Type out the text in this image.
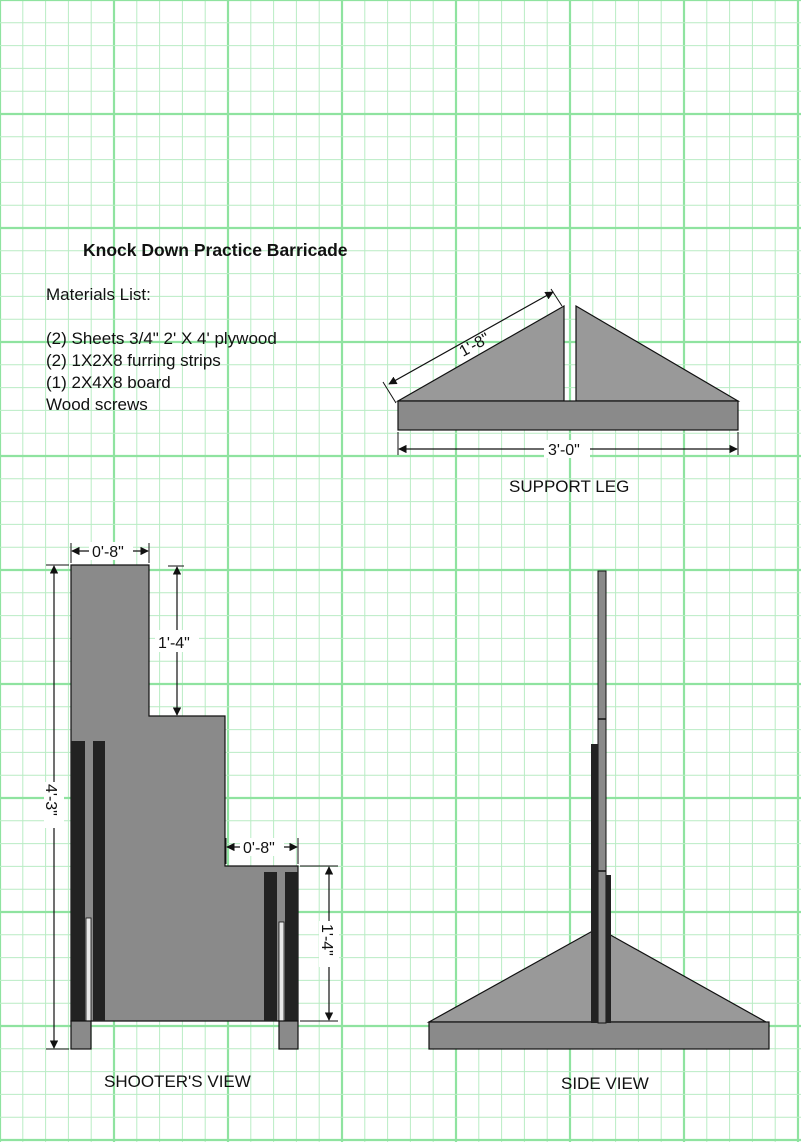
Knock Down Practice Barricade
Materials List:
(2) Sheets 3/4" 2' X 4' plywood
(2) 1X2X8 furring strips
(1) 2X4X8 board
Wood screws
1'-8"
3'-0"
0'-8"
1'-4"
4'-3"
0'-8"
1'-4"
SUPPORT LEG
SHOOTER'S VIEW	SIDE VIEW
